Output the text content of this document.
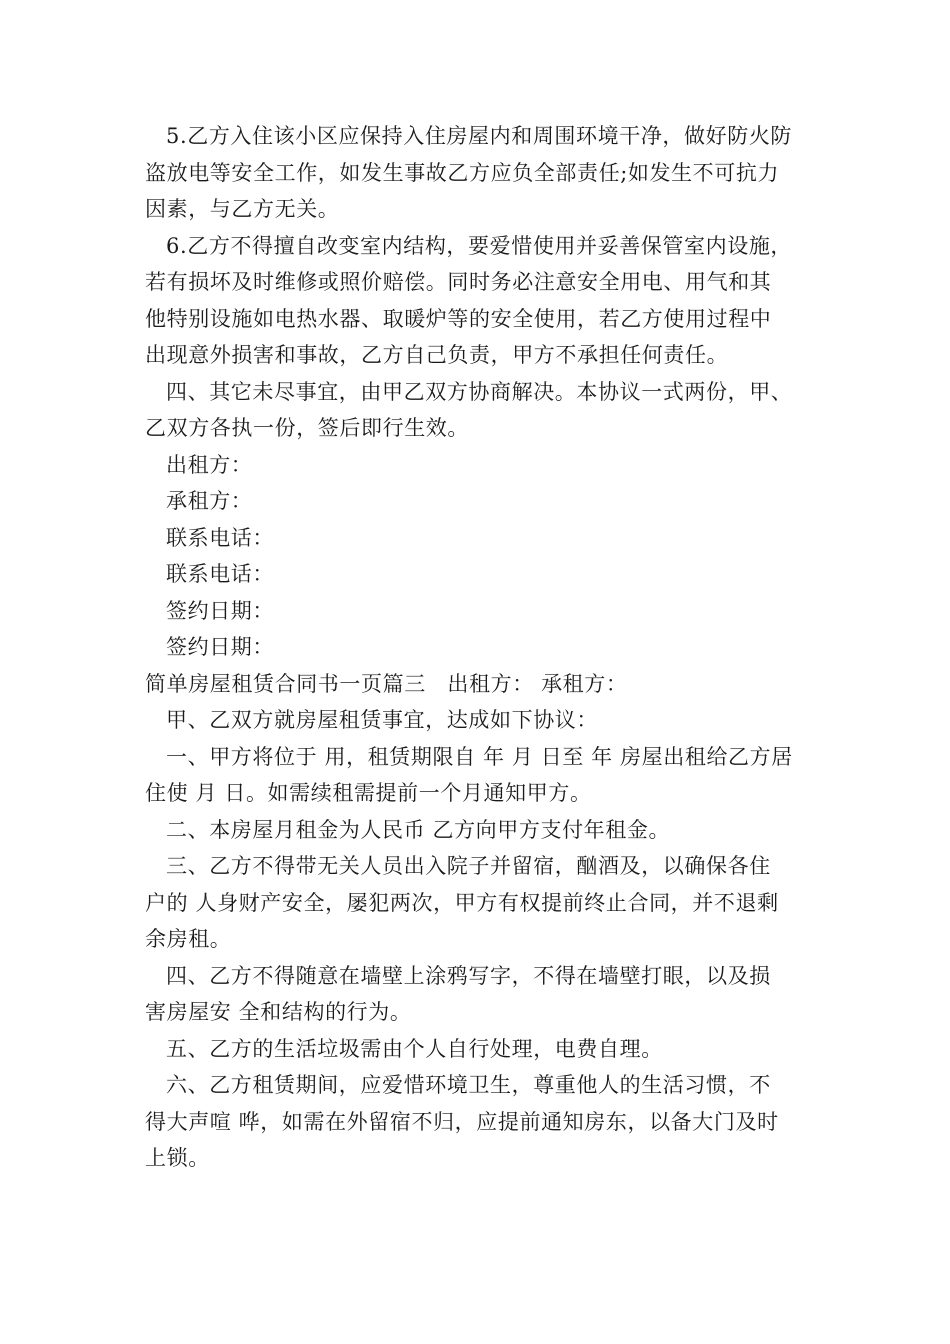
5.乙方入住该小区应保持入住房屋内和周围环境干净，做好防火防
盗放电等安全工作，如发生事故乙方应负全部责任;如发生不可抗力
因素，与乙方无关。
6.乙方不得擅自改变室内结构，要爱惜使用并妥善保管室内设施，
若有损坏及时维修或照价赔偿。同时务必注意安全用电、用气和其
他特别设施如电热水器、取暖炉等的安全使用，若乙方使用过程中
出现意外损害和事故，乙方自己负责，甲方不承担任何责任。
四、其它未尽事宜，由甲乙双方协商解决。本协议一式两份，甲、
乙双方各执一份，签后即行生效。
出租方：
承租方：
联系电话：
联系电话：
签约日期：
签约日期：
简单房屋租赁合同书一页篇三　出租方： 承租方：
甲、乙双方就房屋租赁事宜，达成如下协议：
一、甲方将位于 用，租赁期限自 年 月 日至 年 房屋出租给乙方居
住使 月 日。如需续租需提前一个月通知甲方。
二、本房屋月租金为人民币 乙方向甲方支付年租金。
三、乙方不得带无关人员出入院子并留宿，酗酒及，以确保各住
户的 人身财产安全，屡犯两次，甲方有权提前终止合同，并不退剩
余房租。
四、乙方不得随意在墙壁上涂鸦写字，不得在墙壁打眼，以及损
害房屋安 全和结构的行为。
五、乙方的生活垃圾需由个人自行处理，电费自理。
六、乙方租赁期间，应爱惜环境卫生，尊重他人的生活习惯，不
得大声喧 哗，如需在外留宿不归，应提前通知房东，以备大门及时
上锁。
